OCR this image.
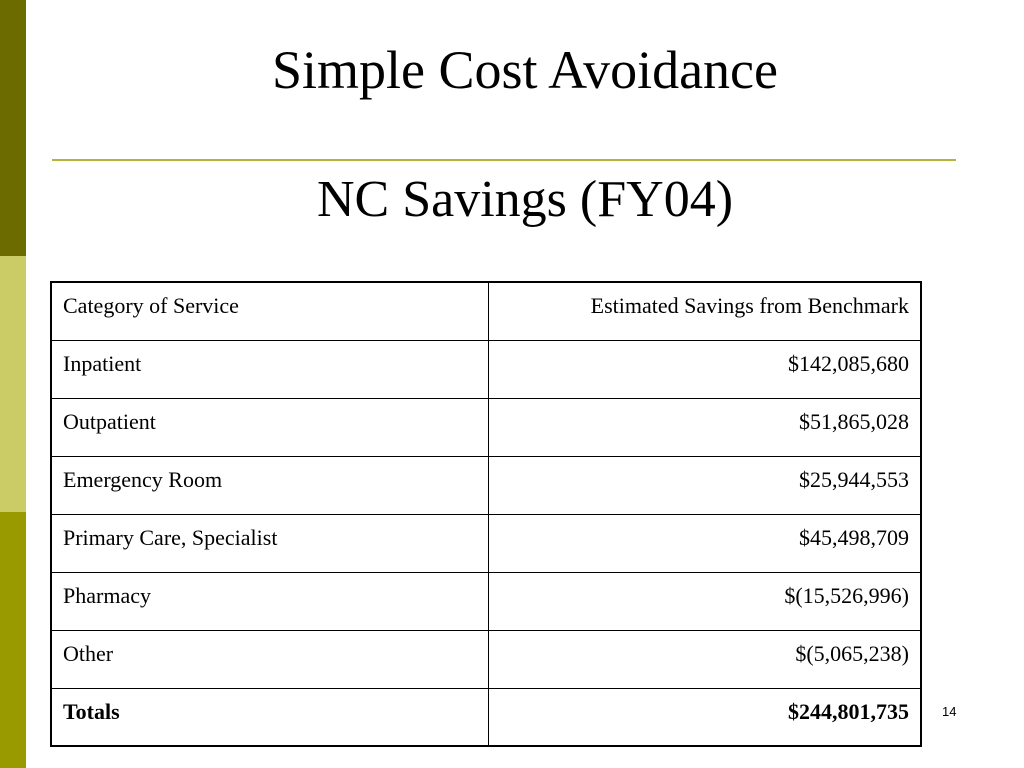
Simple Cost Avoidance
NC Savings (FY04)
Category of Service	Estimated Savings from Benchmark
Inpatient	$142,085,680
Outpatient	$51,865,028
Emergency Room	$25,944,553
Primary Care, Specialist	$45,498,709
Pharmacy	$(15,526,996)
Other	$(5,065,238)
Totals	$244,801,735	14
